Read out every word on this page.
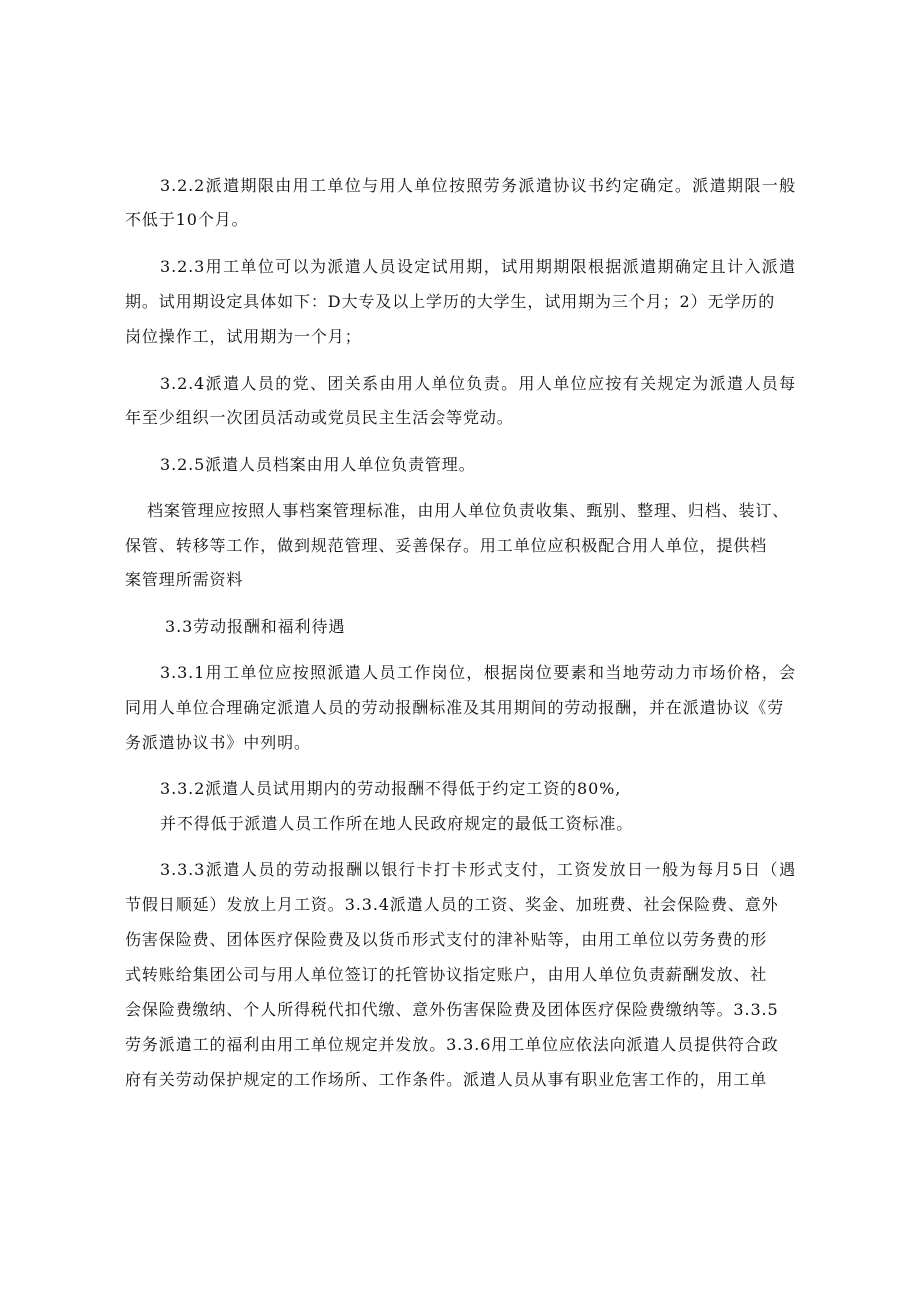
3.2.2派遣期限由用工单位与用人单位按照劳务派遣协议书约定确定。派遣期限一般
不低于10个月。
3.2.3用工单位可以为派遣人员设定试用期，试用期期限根据派遣期确定且计入派遣
期。试用期设定具体如下：D大专及以上学历的大学生，试用期为三个月；2）无学历的
岗位操作工，试用期为一个月；
3.2.4派遣人员的党、团关系由用人单位负责。用人单位应按有关规定为派遣人员每
年至少组织一次团员活动或党员民主生活会等党动。
3.2.5派遣人员档案由用人单位负责管理。
档案管理应按照人事档案管理标准，由用人单位负责收集、甄别、整理、归档、装订、
保管、转移等工作，做到规范管理、妥善保存。用工单位应积极配合用人单位，提供档
案管理所需资料
3.3劳动报酬和福利待遇
3.3.1用工单位应按照派遣人员工作岗位，根据岗位要素和当地劳动力市场价格，会
同用人单位合理确定派遣人员的劳动报酬标准及其用期间的劳动报酬，并在派遣协议《劳
务派遣协议书》中列明。
3.3.2派遣人员试用期内的劳动报酬不得低于约定工资的80%,
并不得低于派遣人员工作所在地人民政府规定的最低工资标准。
3.3.3派遣人员的劳动报酬以银行卡打卡形式支付，工资发放日一般为每月5日（遇
节假日顺延）发放上月工资。3.3.4派遣人员的工资、奖金、加班费、社会保险费、意外
伤害保险费、团体医疗保险费及以货币形式支付的津补贴等，由用工单位以劳务费的形
式转账给集团公司与用人单位签订的托管协议指定账户，由用人单位负责薪酬发放、社
会保险费缴纳、个人所得税代扣代缴、意外伤害保险费及团体医疗保险费缴纳等。3.3.5
劳务派遣工的福利由用工单位规定并发放。3.3.6用工单位应依法向派遣人员提供符合政
府有关劳动保护规定的工作场所、工作条件。派遣人员从事有职业危害工作的，用工单
